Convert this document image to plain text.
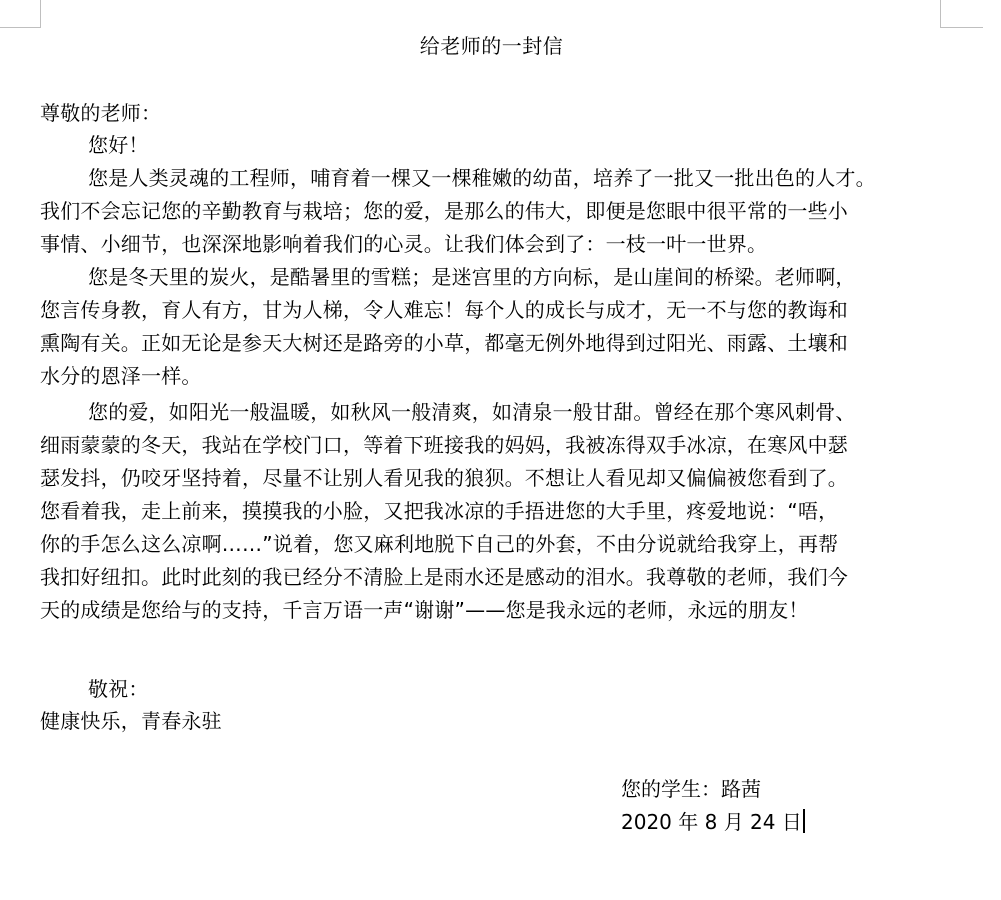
给老师的一封信
尊敬的老师：
您好！
您是人类灵魂的工程师，哺育着一棵又一棵稚嫩的幼苗，培养了一批又一批出色的人才。
我们不会忘记您的辛勤教育与栽培；您的爱，是那么的伟大，即便是您眼中很平常的一些小
事情、小细节，也深深地影响着我们的心灵。让我们体会到了：一枝一叶一世界。
您是冬天里的炭火，是酷暑里的雪糕；是迷宫里的方向标，是山崖间的桥梁。老师啊，
您言传身教，育人有方，甘为人梯，令人难忘！每个人的成长与成才，无一不与您的教诲和
熏陶有关。正如无论是参天大树还是路旁的小草，都毫无例外地得到过阳光、雨露、土壤和
水分的恩泽一样。
您的爱，如阳光一般温暖，如秋风一般清爽，如清泉一般甘甜。曾经在那个寒风刺骨、
细雨蒙蒙的冬天，我站在学校门口，等着下班接我的妈妈，我被冻得双手冰凉，在寒风中瑟
瑟发抖，仍咬牙坚持着，尽量不让别人看见我的狼狈。不想让人看见却又偏偏被您看到了。
您看着我，走上前来，摸摸我的小脸，又把我冰凉的手捂进您的大手里，疼爱地说：“唔，
你的手怎么这么凉啊……”说着，您又麻利地脱下自己的外套，不由分说就给我穿上，再帮
我扣好纽扣。此时此刻的我已经分不清脸上是雨水还是感动的泪水。我尊敬的老师，我们今
天的成绩是您给与的支持，千言万语一声“谢谢”——您是我永远的老师，永远的朋友！
敬祝：
健康快乐，青春永驻
您的学生：路茜
2020 年 8 月 24 日
